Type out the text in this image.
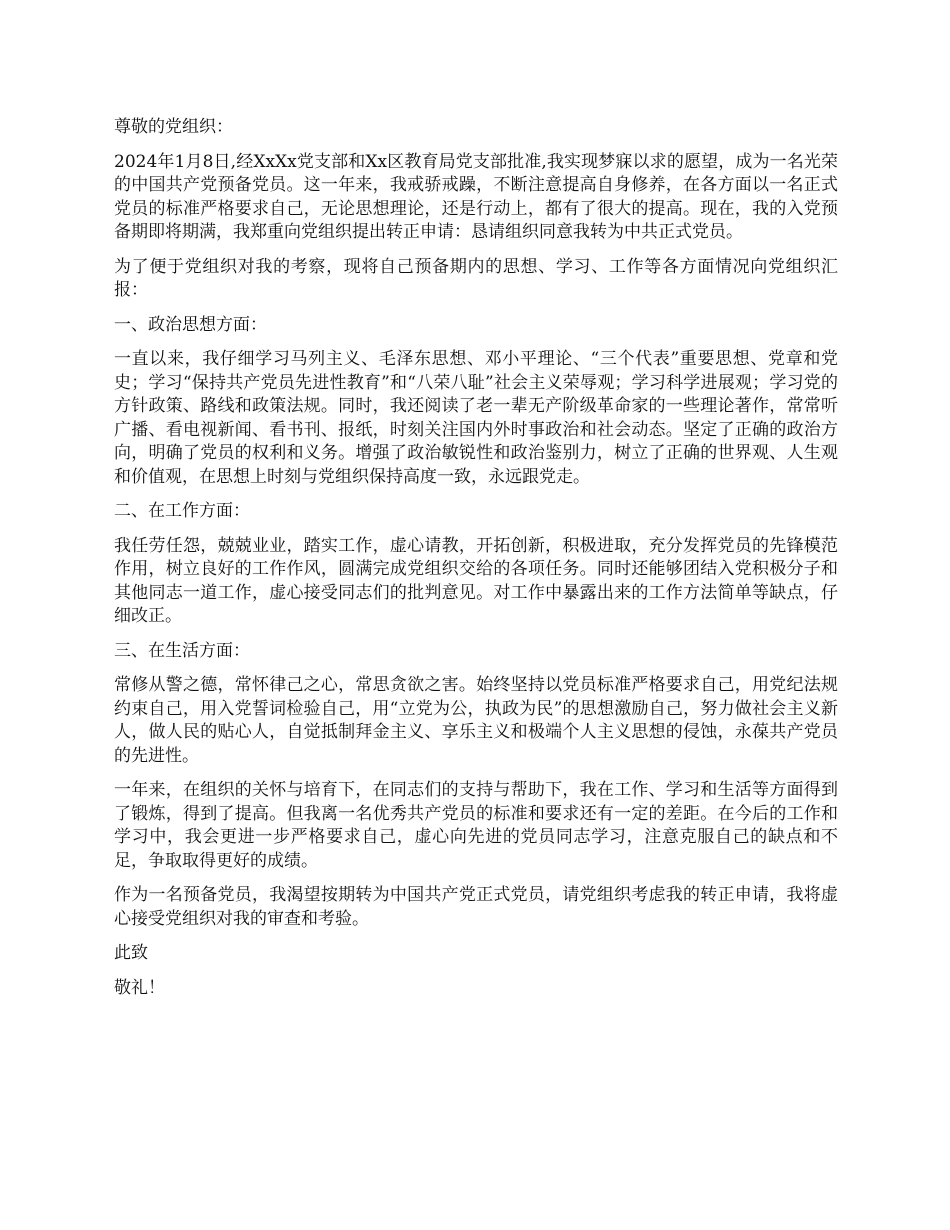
尊敬的党组织：

2024年1月8日,经XxXx党支部和Xx区教育局党支部批准,我实现梦寐以求的愿望，成为一名光荣的中国共产党预备党员。这一年来，我戒骄戒躁，不断注意提高自身修养，在各方面以一名正式党员的标准严格要求自己，无论思想理论，还是行动上，都有了很大的提高。现在，我的入党预备期即将期满，我郑重向党组织提出转正申请：恳请组织同意我转为中共正式党员。

为了便于党组织对我的考察，现将自己预备期内的思想、学习、工作等各方面情况向党组织汇报：

一、政治思想方面：

一直以来，我仔细学习马列主义、毛泽东思想、邓小平理论、“三个代表”重要思想、党章和党史；学习“保持共产党员先进性教育”和“八荣八耻”社会主义荣辱观；学习科学进展观；学习党的方针政策、路线和政策法规。同时，我还阅读了老一辈无产阶级革命家的一些理论著作，常常听广播、看电视新闻、看书刊、报纸，时刻关注国内外时事政治和社会动态。坚定了正确的政治方向，明确了党员的权利和义务。增强了政治敏锐性和政治鉴别力，树立了正确的世界观、人生观和价值观，在思想上时刻与党组织保持高度一致，永远跟党走。

二、在工作方面：

我任劳任怨，兢兢业业，踏实工作，虚心请教，开拓创新，积极进取，充分发挥党员的先锋模范作用，树立良好的工作作风，圆满完成党组织交给的各项任务。同时还能够团结入党积极分子和其他同志一道工作，虚心接受同志们的批判意见。对工作中暴露出来的工作方法简单等缺点，仔细改正。

三、在生活方面：

常修从警之德，常怀律己之心，常思贪欲之害。始终坚持以党员标准严格要求自己，用党纪法规约束自己，用入党誓词检验自己，用“立党为公，执政为民”的思想激励自己，努力做社会主义新人，做人民的贴心人，自觉抵制拜金主义、享乐主义和极端个人主义思想的侵蚀，永葆共产党员的先进性。

一年来，在组织的关怀与培育下，在同志们的支持与帮助下，我在工作、学习和生活等方面得到了锻炼，得到了提高。但我离一名优秀共产党员的标准和要求还有一定的差距。在今后的工作和学习中，我会更进一步严格要求自己，虚心向先进的党员同志学习，注意克服自己的缺点和不足，争取取得更好的成绩。

作为一名预备党员，我渴望按期转为中国共产党正式党员，请党组织考虑我的转正申请，我将虚心接受党组织对我的审查和考验。

此致

敬礼！
